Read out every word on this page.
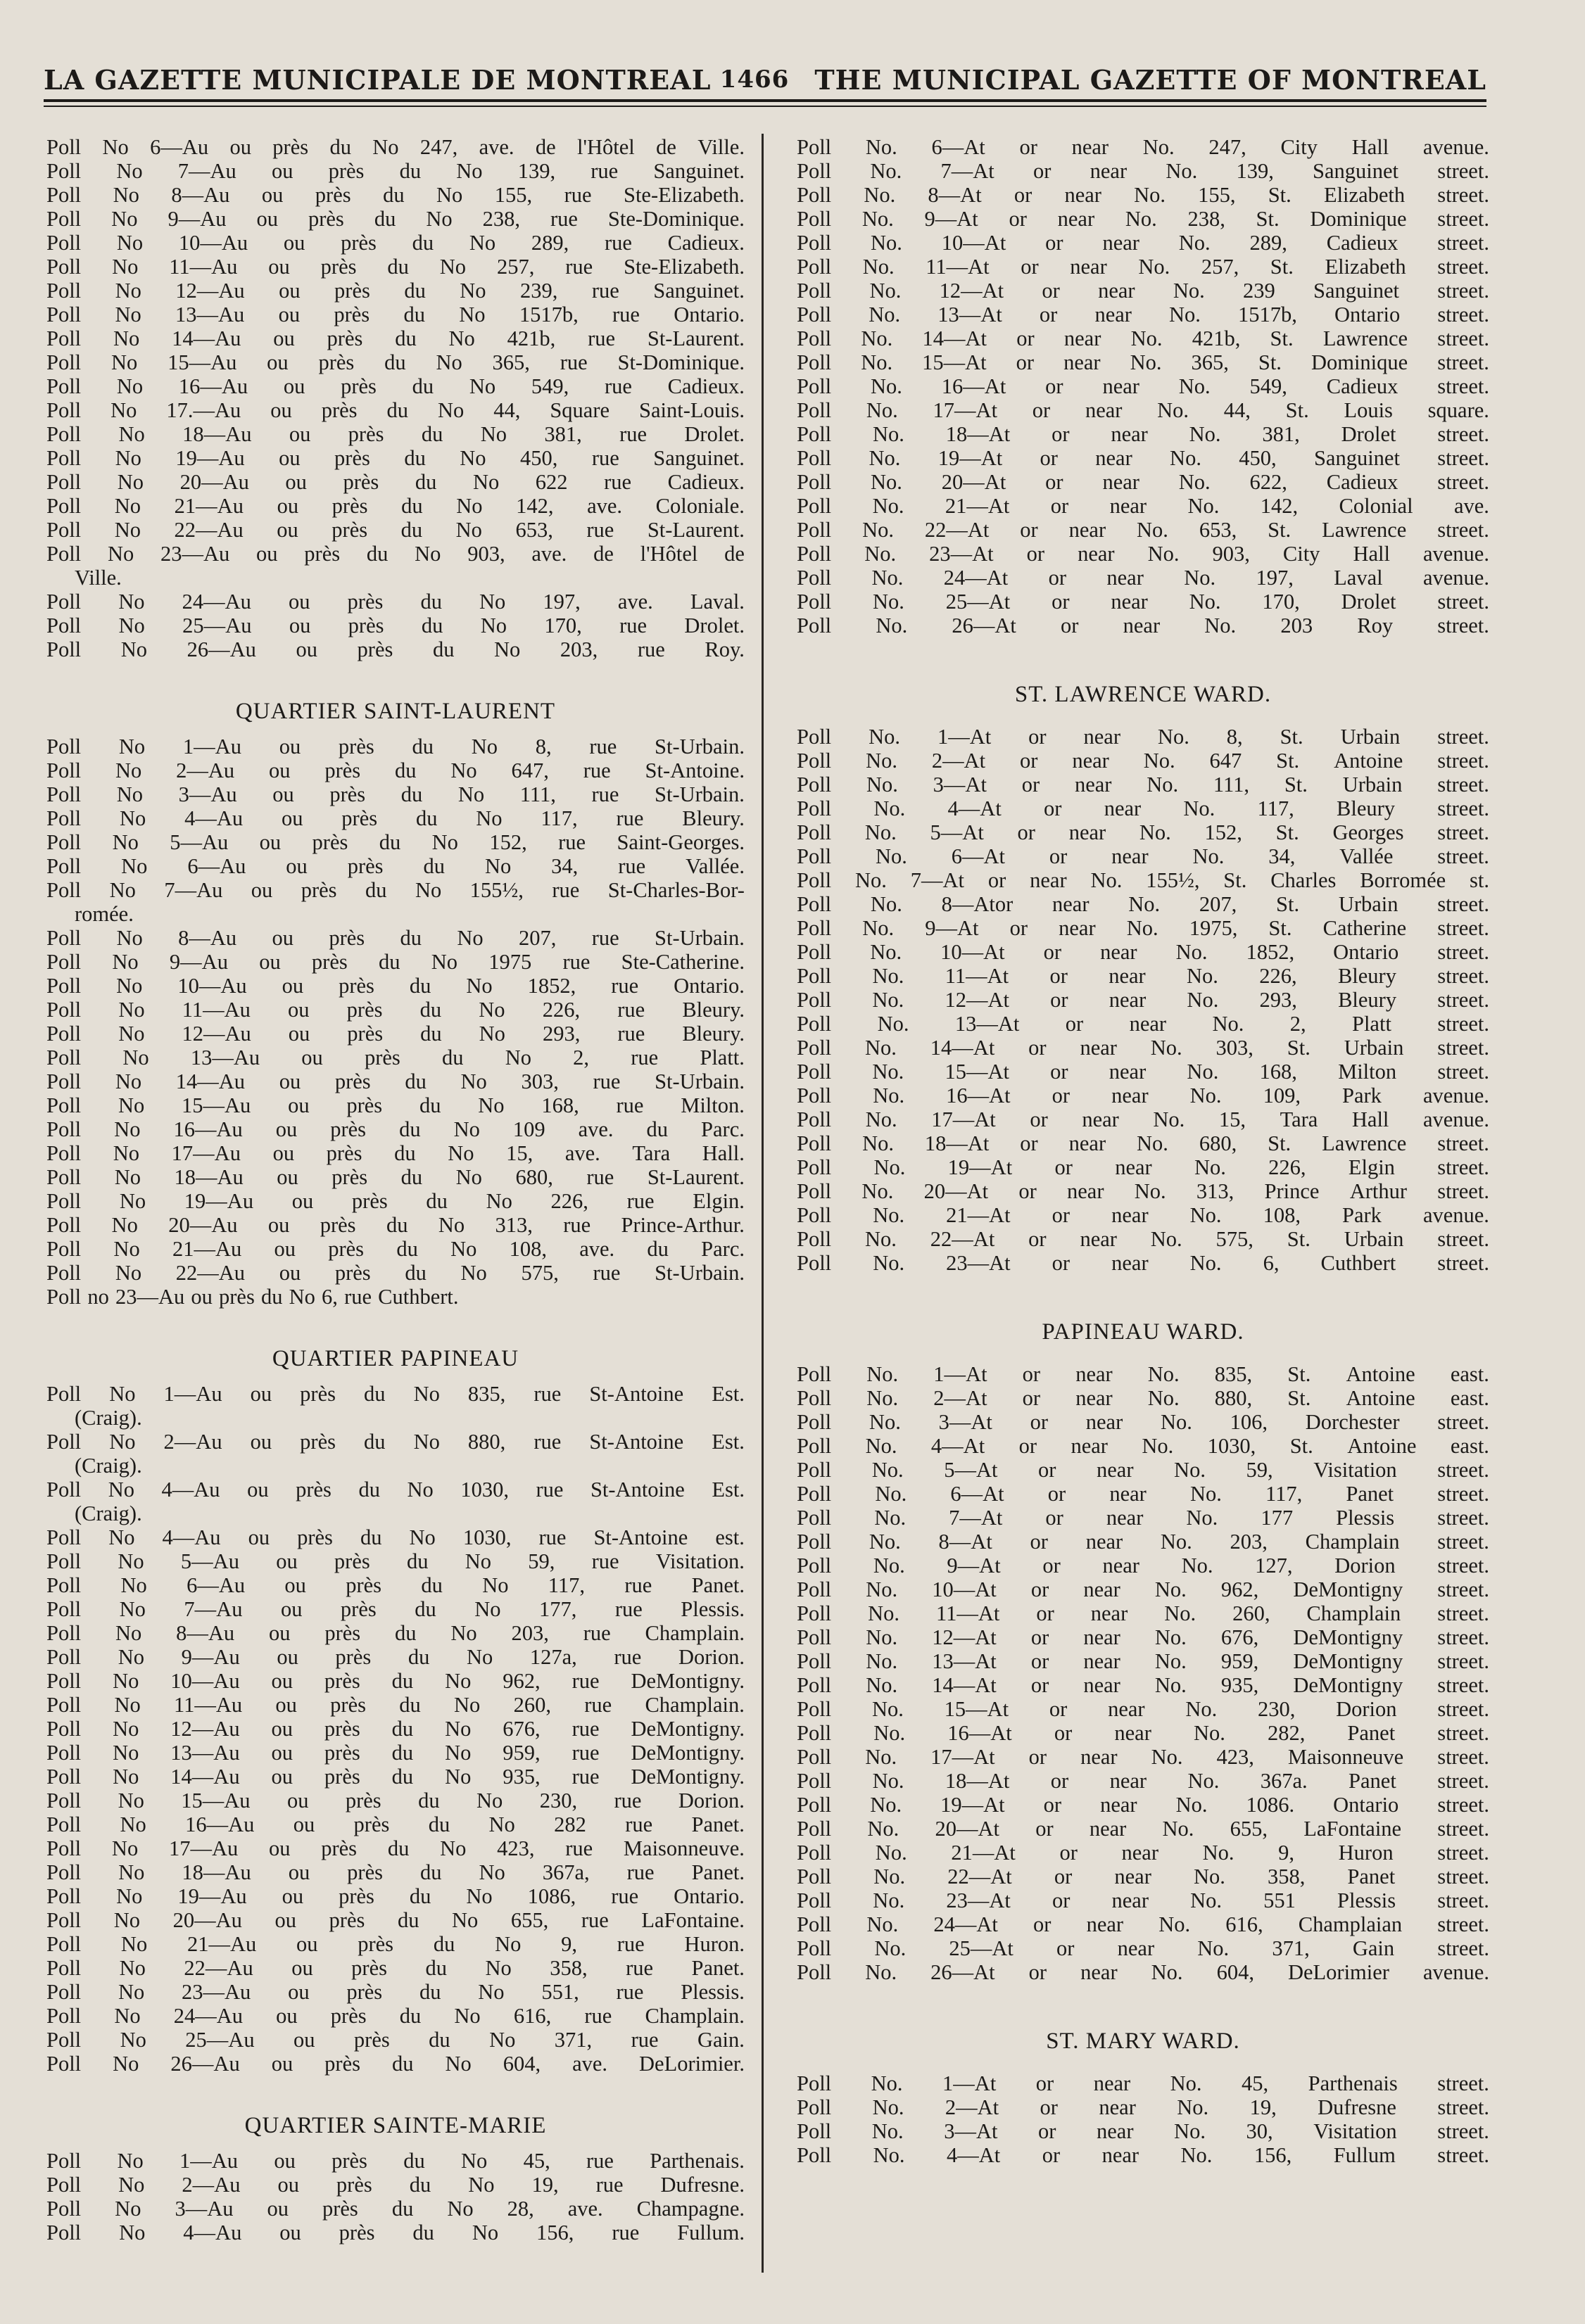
LA GAZETTE MUNICIPALE DE MONTREAL 1466 THE MUNICIPAL GAZETTE OF MONTREAL
Poll No 6—Au ou près du No 247, ave. de l'Hôtel de Ville.
Poll No 7—Au ou près du No 139, rue Sanguinet.
Poll No 8—Au ou près du No 155, rue Ste-Elizabeth.
Poll No 9—Au ou près du No 238, rue Ste-Dominique.
Poll No 10—Au ou près du No 289, rue Cadieux.
Poll No 11—Au ou près du No 257, rue Ste-Elizabeth.
Poll No 12—Au ou près du No 239, rue Sanguinet.
Poll No 13—Au ou près du No 1517b, rue Ontario.
Poll No 14—Au ou près du No 421b, rue St-Laurent.
Poll No 15—Au ou près du No 365, rue St-Dominique.
Poll No 16—Au ou près du No 549, rue Cadieux.
Poll No 17.—Au ou près du No 44, Square Saint-Louis.
Poll No 18—Au ou près du No 381, rue Drolet.
Poll No 19—Au ou près du No 450, rue Sanguinet.
Poll No 20—Au ou près du No 622 rue Cadieux.
Poll No 21—Au ou près du No 142, ave. Coloniale.
Poll No 22—Au ou près du No 653, rue St-Laurent.
Poll No 23—Au ou près du No 903, ave. de l'Hôtel de
Ville.
Poll No 24—Au ou près du No 197, ave. Laval.
Poll No 25—Au ou près du No 170, rue Drolet.
Poll No 26—Au ou près du No 203, rue Roy.
QUARTIER SAINT-LAURENT
Poll No 1—Au ou près du No 8, rue St-Urbain.
Poll No 2—Au ou près du No 647, rue St-Antoine.
Poll No 3—Au ou près du No 111, rue St-Urbain.
Poll No 4—Au ou près du No 117, rue Bleury.
Poll No 5—Au ou près du No 152, rue Saint-Georges.
Poll No 6—Au ou près du No 34, rue Vallée.
Poll No 7—Au ou près du No 155½, rue St-Charles-Bor-
romée.
Poll No 8—Au ou près du No 207, rue St-Urbain.
Poll No 9—Au ou près du No 1975 rue Ste-Catherine.
Poll No 10—Au ou près du No 1852, rue Ontario.
Poll No 11—Au ou près du No 226, rue Bleury.
Poll No 12—Au ou près du No 293, rue Bleury.
Poll No 13—Au ou près du No 2, rue Platt.
Poll No 14—Au ou près du No 303, rue St-Urbain.
Poll No 15—Au ou près du No 168, rue Milton.
Poll No 16—Au ou près du No 109 ave. du Parc.
Poll No 17—Au ou près du No 15, ave. Tara Hall.
Poll No 18—Au ou près du No 680, rue St-Laurent.
Poll No 19—Au ou près du No 226, rue Elgin.
Poll No 20—Au ou près du No 313, rue Prince-Arthur.
Poll No 21—Au ou près du No 108, ave. du Parc.
Poll No 22—Au ou près du No 575, rue St-Urbain.
Poll no 23—Au ou près du No 6, rue Cuthbert.
QUARTIER PAPINEAU
Poll No 1—Au ou près du No 835, rue St-Antoine Est.
(Craig).
Poll No 2—Au ou près du No 880, rue St-Antoine Est.
(Craig).
Poll No 4—Au ou près du No 1030, rue St-Antoine Est.
(Craig).
Poll No 4—Au ou près du No 1030, rue St-Antoine est.
Poll No 5—Au ou près du No 59, rue Visitation.
Poll No 6—Au ou près du No 117, rue Panet.
Poll No 7—Au ou près du No 177, rue Plessis.
Poll No 8—Au ou près du No 203, rue Champlain.
Poll No 9—Au ou près du No 127a, rue Dorion.
Poll No 10—Au ou près du No 962, rue DeMontigny.
Poll No 11—Au ou près du No 260, rue Champlain.
Poll No 12—Au ou près du No 676, rue DeMontigny.
Poll No 13—Au ou près du No 959, rue DeMontigny.
Poll No 14—Au ou près du No 935, rue DeMontigny.
Poll No 15—Au ou près du No 230, rue Dorion.
Poll No 16—Au ou près du No 282 rue Panet.
Poll No 17—Au ou près du No 423, rue Maisonneuve.
Poll No 18—Au ou près du No 367a, rue Panet.
Poll No 19—Au ou près du No 1086, rue Ontario.
Poll No 20—Au ou près du No 655, rue LaFontaine.
Poll No 21—Au ou près du No 9, rue Huron.
Poll No 22—Au ou près du No 358, rue Panet.
Poll No 23—Au ou près du No 551, rue Plessis.
Poll No 24—Au ou près du No 616, rue Champlain.
Poll No 25—Au ou près du No 371, rue Gain.
Poll No 26—Au ou près du No 604, ave. DeLorimier.
QUARTIER SAINTE-MARIE
Poll No 1—Au ou près du No 45, rue Parthenais.
Poll No 2—Au ou près du No 19, rue Dufresne.
Poll No 3—Au ou près du No 28, ave. Champagne.
Poll No 4—Au ou près du No 156, rue Fullum.
Poll No. 6—At or near No. 247, City Hall avenue.
Poll No. 7—At or near No. 139, Sanguinet street.
Poll No. 8—At or near No. 155, St. Elizabeth street.
Poll No. 9—At or near No. 238, St. Dominique street.
Poll No. 10—At or near No. 289, Cadieux street.
Poll No. 11—At or near No. 257, St. Elizabeth street.
Poll No. 12—At or near No. 239 Sanguinet street.
Poll No. 13—At or near No. 1517b, Ontario street.
Poll No. 14—At or near No. 421b, St. Lawrence street.
Poll No. 15—At or near No. 365, St. Dominique street.
Poll No. 16—At or near No. 549, Cadieux street.
Poll No. 17—At or near No. 44, St. Louis square.
Poll No. 18—At or near No. 381, Drolet street.
Poll No. 19—At or near No. 450, Sanguinet street.
Poll No. 20—At or near No. 622, Cadieux street.
Poll No. 21—At or near No. 142, Colonial ave.
Poll No. 22—At or near No. 653, St. Lawrence street.
Poll No. 23—At or near No. 903, City Hall avenue.
Poll No. 24—At or near No. 197, Laval avenue.
Poll No. 25—At or near No. 170, Drolet street.
Poll No. 26—At or near No. 203 Roy street.
ST. LAWRENCE WARD.
Poll No. 1—At or near No. 8, St. Urbain street.
Poll No. 2—At or near No. 647 St. Antoine street.
Poll No. 3—At or near No. 111, St. Urbain street.
Poll No. 4—At or near No. 117, Bleury street.
Poll No. 5—At or near No. 152, St. Georges street.
Poll No. 6—At or near No. 34, Vallée street.
Poll No. 7—At or near No. 155½, St. Charles Borromée st.
Poll No. 8—Ator near No. 207, St. Urbain street.
Poll No. 9—At or near No. 1975, St. Catherine street.
Poll No. 10—At or near No. 1852, Ontario street.
Poll No. 11—At or near No. 226, Bleury street.
Poll No. 12—At or near No. 293, Bleury street.
Poll No. 13—At or near No. 2, Platt street.
Poll No. 14—At or near No. 303, St. Urbain street.
Poll No. 15—At or near No. 168, Milton street.
Poll No. 16—At or near No. 109, Park avenue.
Poll No. 17—At or near No. 15, Tara Hall avenue.
Poll No. 18—At or near No. 680, St. Lawrence street.
Poll No. 19—At or near No. 226, Elgin street.
Poll No. 20—At or near No. 313, Prince Arthur street.
Poll No. 21—At or near No. 108, Park avenue.
Poll No. 22—At or near No. 575, St. Urbain street.
Poll No. 23—At or near No. 6, Cuthbert street.
PAPINEAU WARD.
Poll No. 1—At or near No. 835, St. Antoine east.
Poll No. 2—At or near No. 880, St. Antoine east.
Poll No. 3—At or near No. 106, Dorchester street.
Poll No. 4—At or near No. 1030, St. Antoine east.
Poll No. 5—At or near No. 59, Visitation street.
Poll No. 6—At or near No. 117, Panet street.
Poll No. 7—At or near No. 177 Plessis street.
Poll No. 8—At or near No. 203, Champlain street.
Poll No. 9—At or near No. 127, Dorion street.
Poll No. 10—At or near No. 962, DeMontigny street.
Poll No. 11—At or near No. 260, Champlain street.
Poll No. 12—At or near No. 676, DeMontigny street.
Poll No. 13—At or near No. 959, DeMontigny street.
Poll No. 14—At or near No. 935, DeMontigny street.
Poll No. 15—At or near No. 230, Dorion street.
Poll No. 16—At or near No. 282, Panet street.
Poll No. 17—At or near No. 423, Maisonneuve street.
Poll No. 18—At or near No. 367a. Panet street.
Poll No. 19—At or near No. 1086. Ontario street.
Poll No. 20—At or near No. 655, LaFontaine street.
Poll No. 21—At or near No. 9, Huron street.
Poll No. 22—At or near No. 358, Panet street.
Poll No. 23—At or near No. 551 Plessis street.
Poll No. 24—At or near No. 616, Champlaian street.
Poll No. 25—At or near No. 371, Gain street.
Poll No. 26—At or near No. 604, DeLorimier avenue.
ST. MARY WARD.
Poll No. 1—At or near No. 45, Parthenais street.
Poll No. 2—At or near No. 19, Dufresne street.
Poll No. 3—At or near No. 30, Visitation street.
Poll No. 4—At or near No. 156, Fullum street.
